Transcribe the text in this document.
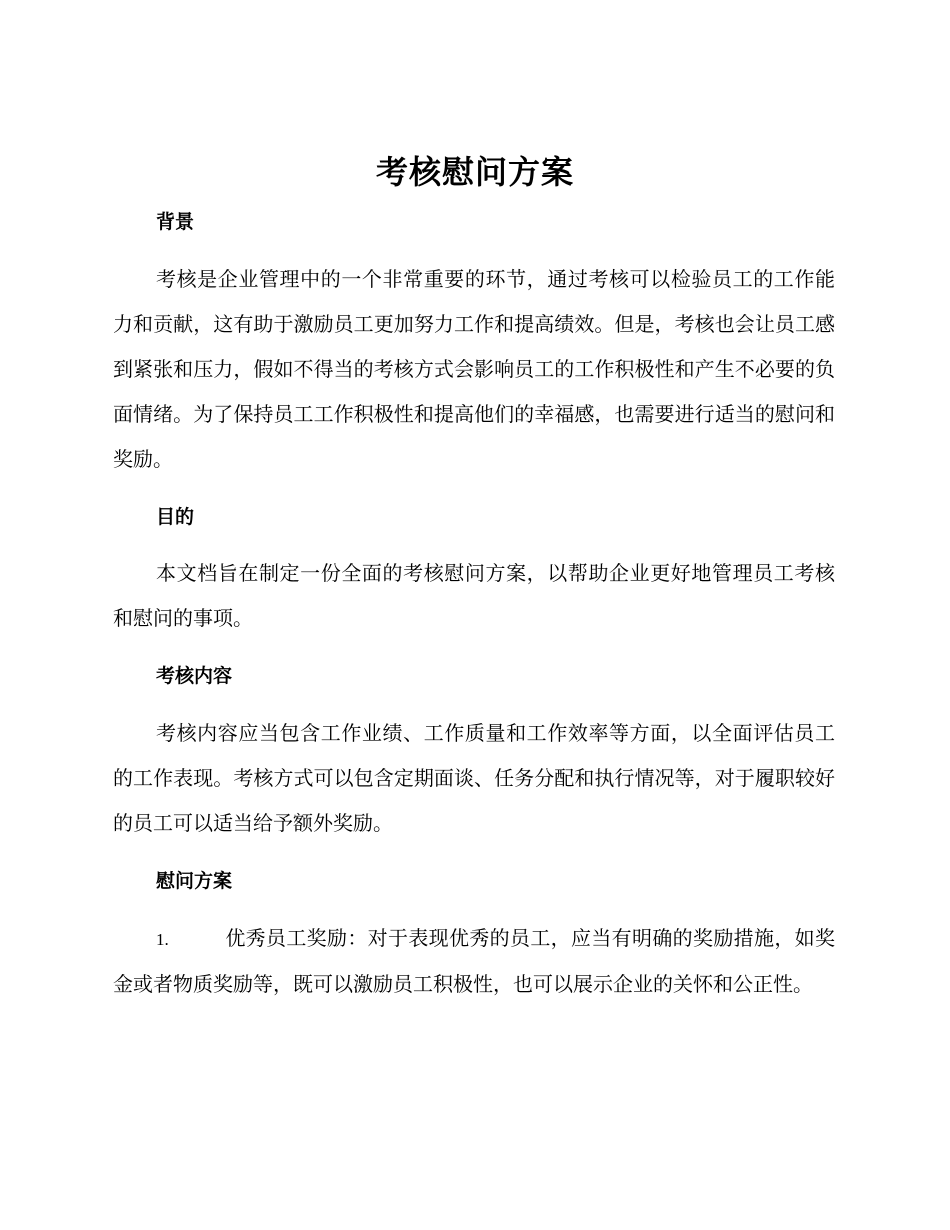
考核慰问方案
背景

考核是企业管理中的一个非常重要的环节，通过考核可以检验员工的工作能力和贡献，这有助于激励员工更加努力工作和提高绩效。但是，考核也会让员工感到紧张和压力，假如不得当的考核方式会影响员工的工作积极性和产生不必要的负面情绪。为了保持员工工作积极性和提高他们的幸福感，也需要进行适当的慰问和奖励。

目的

本文档旨在制定一份全面的考核慰问方案，以帮助企业更好地管理员工考核和慰问的事项。

考核内容

考核内容应当包含工作业绩、工作质量和工作效率等方面，以全面评估员工的工作表现。考核方式可以包含定期面谈、任务分配和执行情况等，对于履职较好的员工可以适当给予额外奖励。

慰问方案

1.	优秀员工奖励：对于表现优秀的员工，应当有明确的奖励措施，如奖金或者物质奖励等，既可以激励员工积极性，也可以展示企业的关怀和公正性。
